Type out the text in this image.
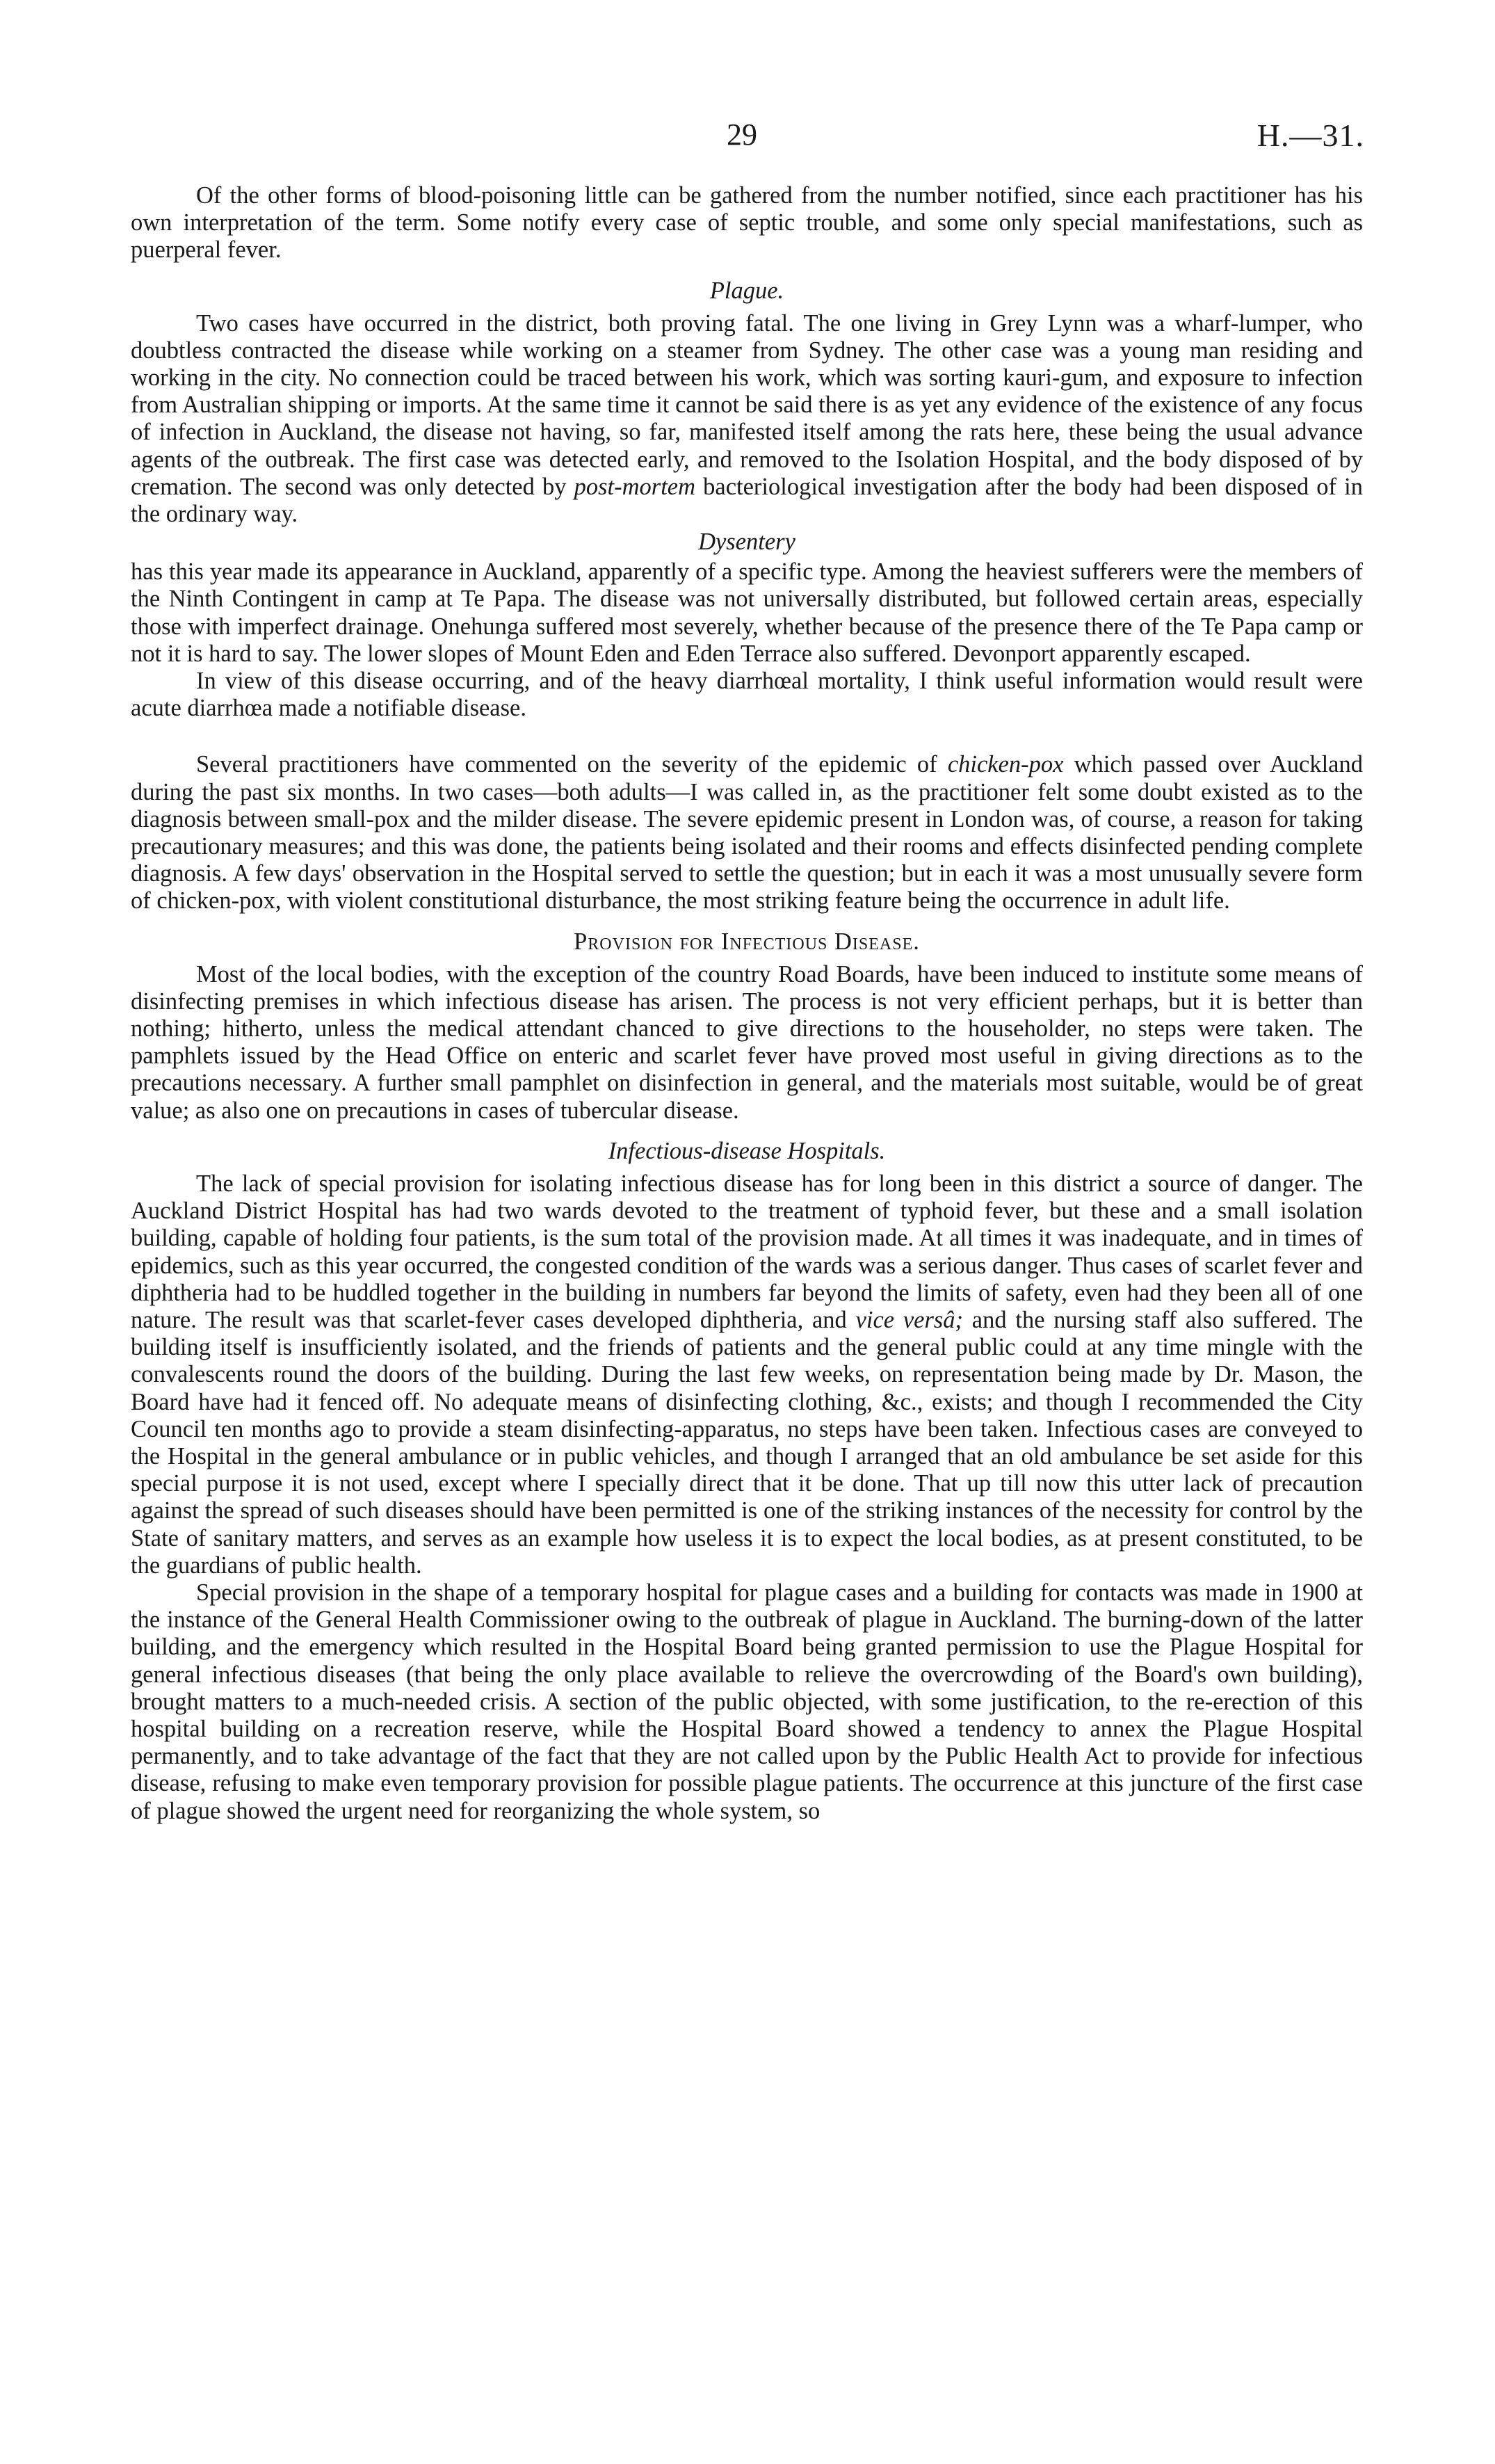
29	H.—31.

Of the other forms of blood-poisoning little can be gathered from the number notified, since each practitioner has his own interpretation of the term. Some notify every case of septic trouble, and some only special manifestations, such as puerperal fever.

Plague.

Two cases have occurred in the district, both proving fatal. The one living in Grey Lynn was a wharf-lumper, who doubtless contracted the disease while working on a steamer from Sydney. The other case was a young man residing and working in the city. No connection could be traced between his work, which was sorting kauri-gum, and exposure to infection from Australian shipping or imports. At the same time it cannot be said there is as yet any evidence of the existence of any focus of infection in Auckland, the disease not having, so far, manifested itself among the rats here, these being the usual advance agents of the outbreak. The first case was detected early, and removed to the Isolation Hospital, and the body disposed of by cremation. The second was only detected by post-mortem bacteriological investigation after the body had been disposed of in the ordinary way.

Dysentery

has this year made its appearance in Auckland, apparently of a specific type. Among the heaviest sufferers were the members of the Ninth Contingent in camp at Te Papa. The disease was not universally distributed, but followed certain areas, especially those with imperfect drainage. Onehunga suffered most severely, whether because of the presence there of the Te Papa camp or not it is hard to say. The lower slopes of Mount Eden and Eden Terrace also suffered. Devonport apparently escaped.

In view of this disease occurring, and of the heavy diarrhœal mortality, I think useful information would result were acute diarrhœa made a notifiable disease.

Several practitioners have commented on the severity of the epidemic of chicken-pox which passed over Auckland during the past six months. In two cases—both adults—I was called in, as the practitioner felt some doubt existed as to the diagnosis between small-pox and the milder disease. The severe epidemic present in London was, of course, a reason for taking precautionary measures; and this was done, the patients being isolated and their rooms and effects disinfected pending complete diagnosis. A few days' observation in the Hospital served to settle the question; but in each it was a most unusually severe form of chicken-pox, with violent constitutional disturbance, the most striking feature being the occurrence in adult life.

Provision for Infectious Disease.

Most of the local bodies, with the exception of the country Road Boards, have been induced to institute some means of disinfecting premises in which infectious disease has arisen. The process is not very efficient perhaps, but it is better than nothing; hitherto, unless the medical attendant chanced to give directions to the householder, no steps were taken. The pamphlets issued by the Head Office on enteric and scarlet fever have proved most useful in giving directions as to the precautions necessary. A further small pamphlet on disinfection in general, and the materials most suitable, would be of great value; as also one on precautions in cases of tubercular disease.

Infectious-disease Hospitals.

The lack of special provision for isolating infectious disease has for long been in this district a source of danger. The Auckland District Hospital has had two wards devoted to the treatment of typhoid fever, but these and a small isolation building, capable of holding four patients, is the sum total of the provision made. At all times it was inadequate, and in times of epidemics, such as this year occurred, the congested condition of the wards was a serious danger. Thus cases of scarlet fever and diphtheria had to be huddled together in the building in numbers far beyond the limits of safety, even had they been all of one nature. The result was that scarlet-fever cases developed diphtheria, and vice versâ; and the nursing staff also suffered. The building itself is insufficiently isolated, and the friends of patients and the general public could at any time mingle with the convalescents round the doors of the building. During the last few weeks, on representation being made by Dr. Mason, the Board have had it fenced off. No adequate means of disinfecting clothing, &c., exists; and though I recommended the City Council ten months ago to provide a steam disinfecting-apparatus, no steps have been taken. Infectious cases are conveyed to the Hospital in the general ambulance or in public vehicles, and though I arranged that an old ambulance be set aside for this special purpose it is not used, except where I specially direct that it be done. That up till now this utter lack of precaution against the spread of such diseases should have been permitted is one of the striking instances of the necessity for control by the State of sanitary matters, and serves as an example how useless it is to expect the local bodies, as at present constituted, to be the guardians of public health.

Special provision in the shape of a temporary hospital for plague cases and a building for contacts was made in 1900 at the instance of the General Health Commissioner owing to the outbreak of plague in Auckland. The burning-down of the latter building, and the emergency which resulted in the Hospital Board being granted permission to use the Plague Hospital for general infectious diseases (that being the only place available to relieve the overcrowding of the Board's own building), brought matters to a much-needed crisis. A section of the public objected, with some justification, to the re-erection of this hospital building on a recreation reserve, while the Hospital Board showed a tendency to annex the Plague Hospital permanently, and to take advantage of the fact that they are not called upon by the Public Health Act to provide for infectious disease, refusing to make even temporary provision for possible plague patients. The occurrence at this juncture of the first case of plague showed the urgent need for reorganizing the whole system, so
